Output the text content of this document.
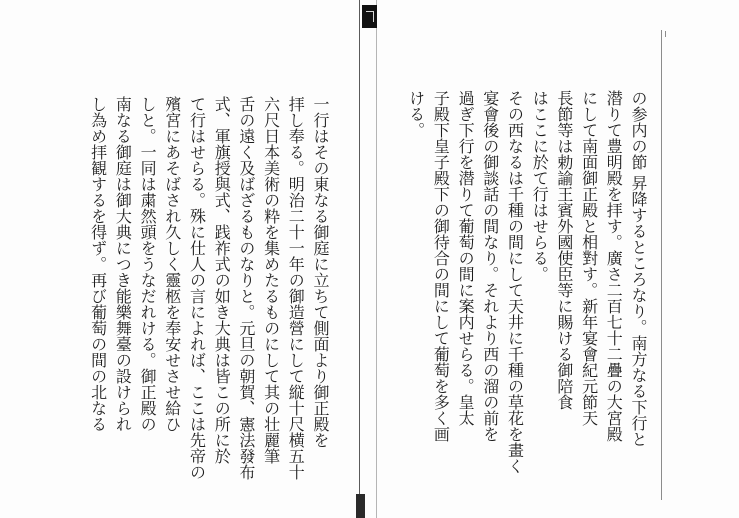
の参内の節 昇降するところなり。南方なる下行と
潜りて豊明殿を拝す。廣さ二百七十二疊の大宮殿
にして南面御正殿と相對す。新年宴會紀元節天
長節等は勅諭王賓外國使臣等に賜ける御陪食
はここに於て行はせらる。
その西なるは千種の間にして天井に千種の草花を畫く
宴會後の御談話の間なり。それより西の溜の前を
過ぎ下行を潜りて葡萄の間に案内せらる。皇太
子殿下皇子殿下の御待合の間にして葡萄を多く画
ける。
一行はその東なる御庭に立ちて側面より御正殿を
拝し奉る。明治二十一年の御造營にして縦十尺横五十
六尺日本美術の粋を集めたるものにして其の壮麗筆
舌の遠く及ばざるものなりと。元旦の朝賀、憲法發布
式、軍旗授與式、践祚式の如き大典は皆この所に於
て行はせらる。殊に仕人の言によれば、ここは先帝の
殯宮にあそばされ久しく靈柩を奉安せさせ給ひ
しと。一同は粛然頭をうなだれける。御正殿の
南なる御庭は御大典につき能樂舞臺の設けられ
し為め拝観するを得ず。再び葡萄の間の北なる
